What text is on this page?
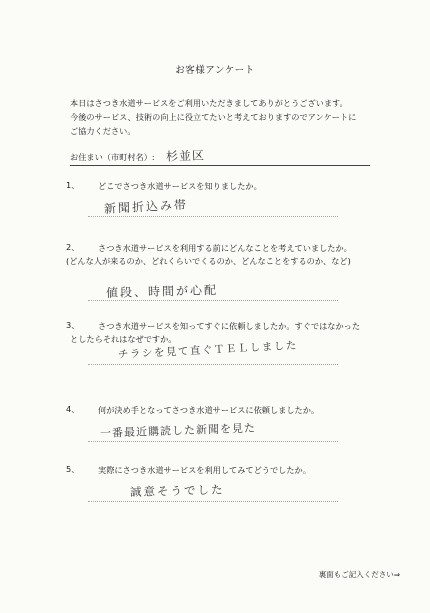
お客様アンケート
本日はさつき水道サービスをご利用いただきましてありがとうございます。
今後のサービス、技術の向上に役立てたいと考えておりますのでアンケートに
ご協力ください。
お住まい（市町村名）: 杉並区
1、 どこでさつき水道サービスを知りましたか。
新聞折込み帯
2、 さつき水道サービスを利用する前にどんなことを考えていましたか。
(どんな人が来るのか、どれくらいでくるのか、どんなことをするのか、など)
値段、時間が心配
3、 さつき水道サービスを知ってすぐに依頼しましたか。すぐではなかった
としたらそれはなぜですか。
チラシを見て直ぐＴＥＬしました
4、 何が決め手となってさつき水道サービスに依頼しましたか。
一番最近購読した新聞を見た
5、 実際にさつき水道サービスを利用してみてどうでしたか。
誠意そうでした
裏面もご記入ください⇒
